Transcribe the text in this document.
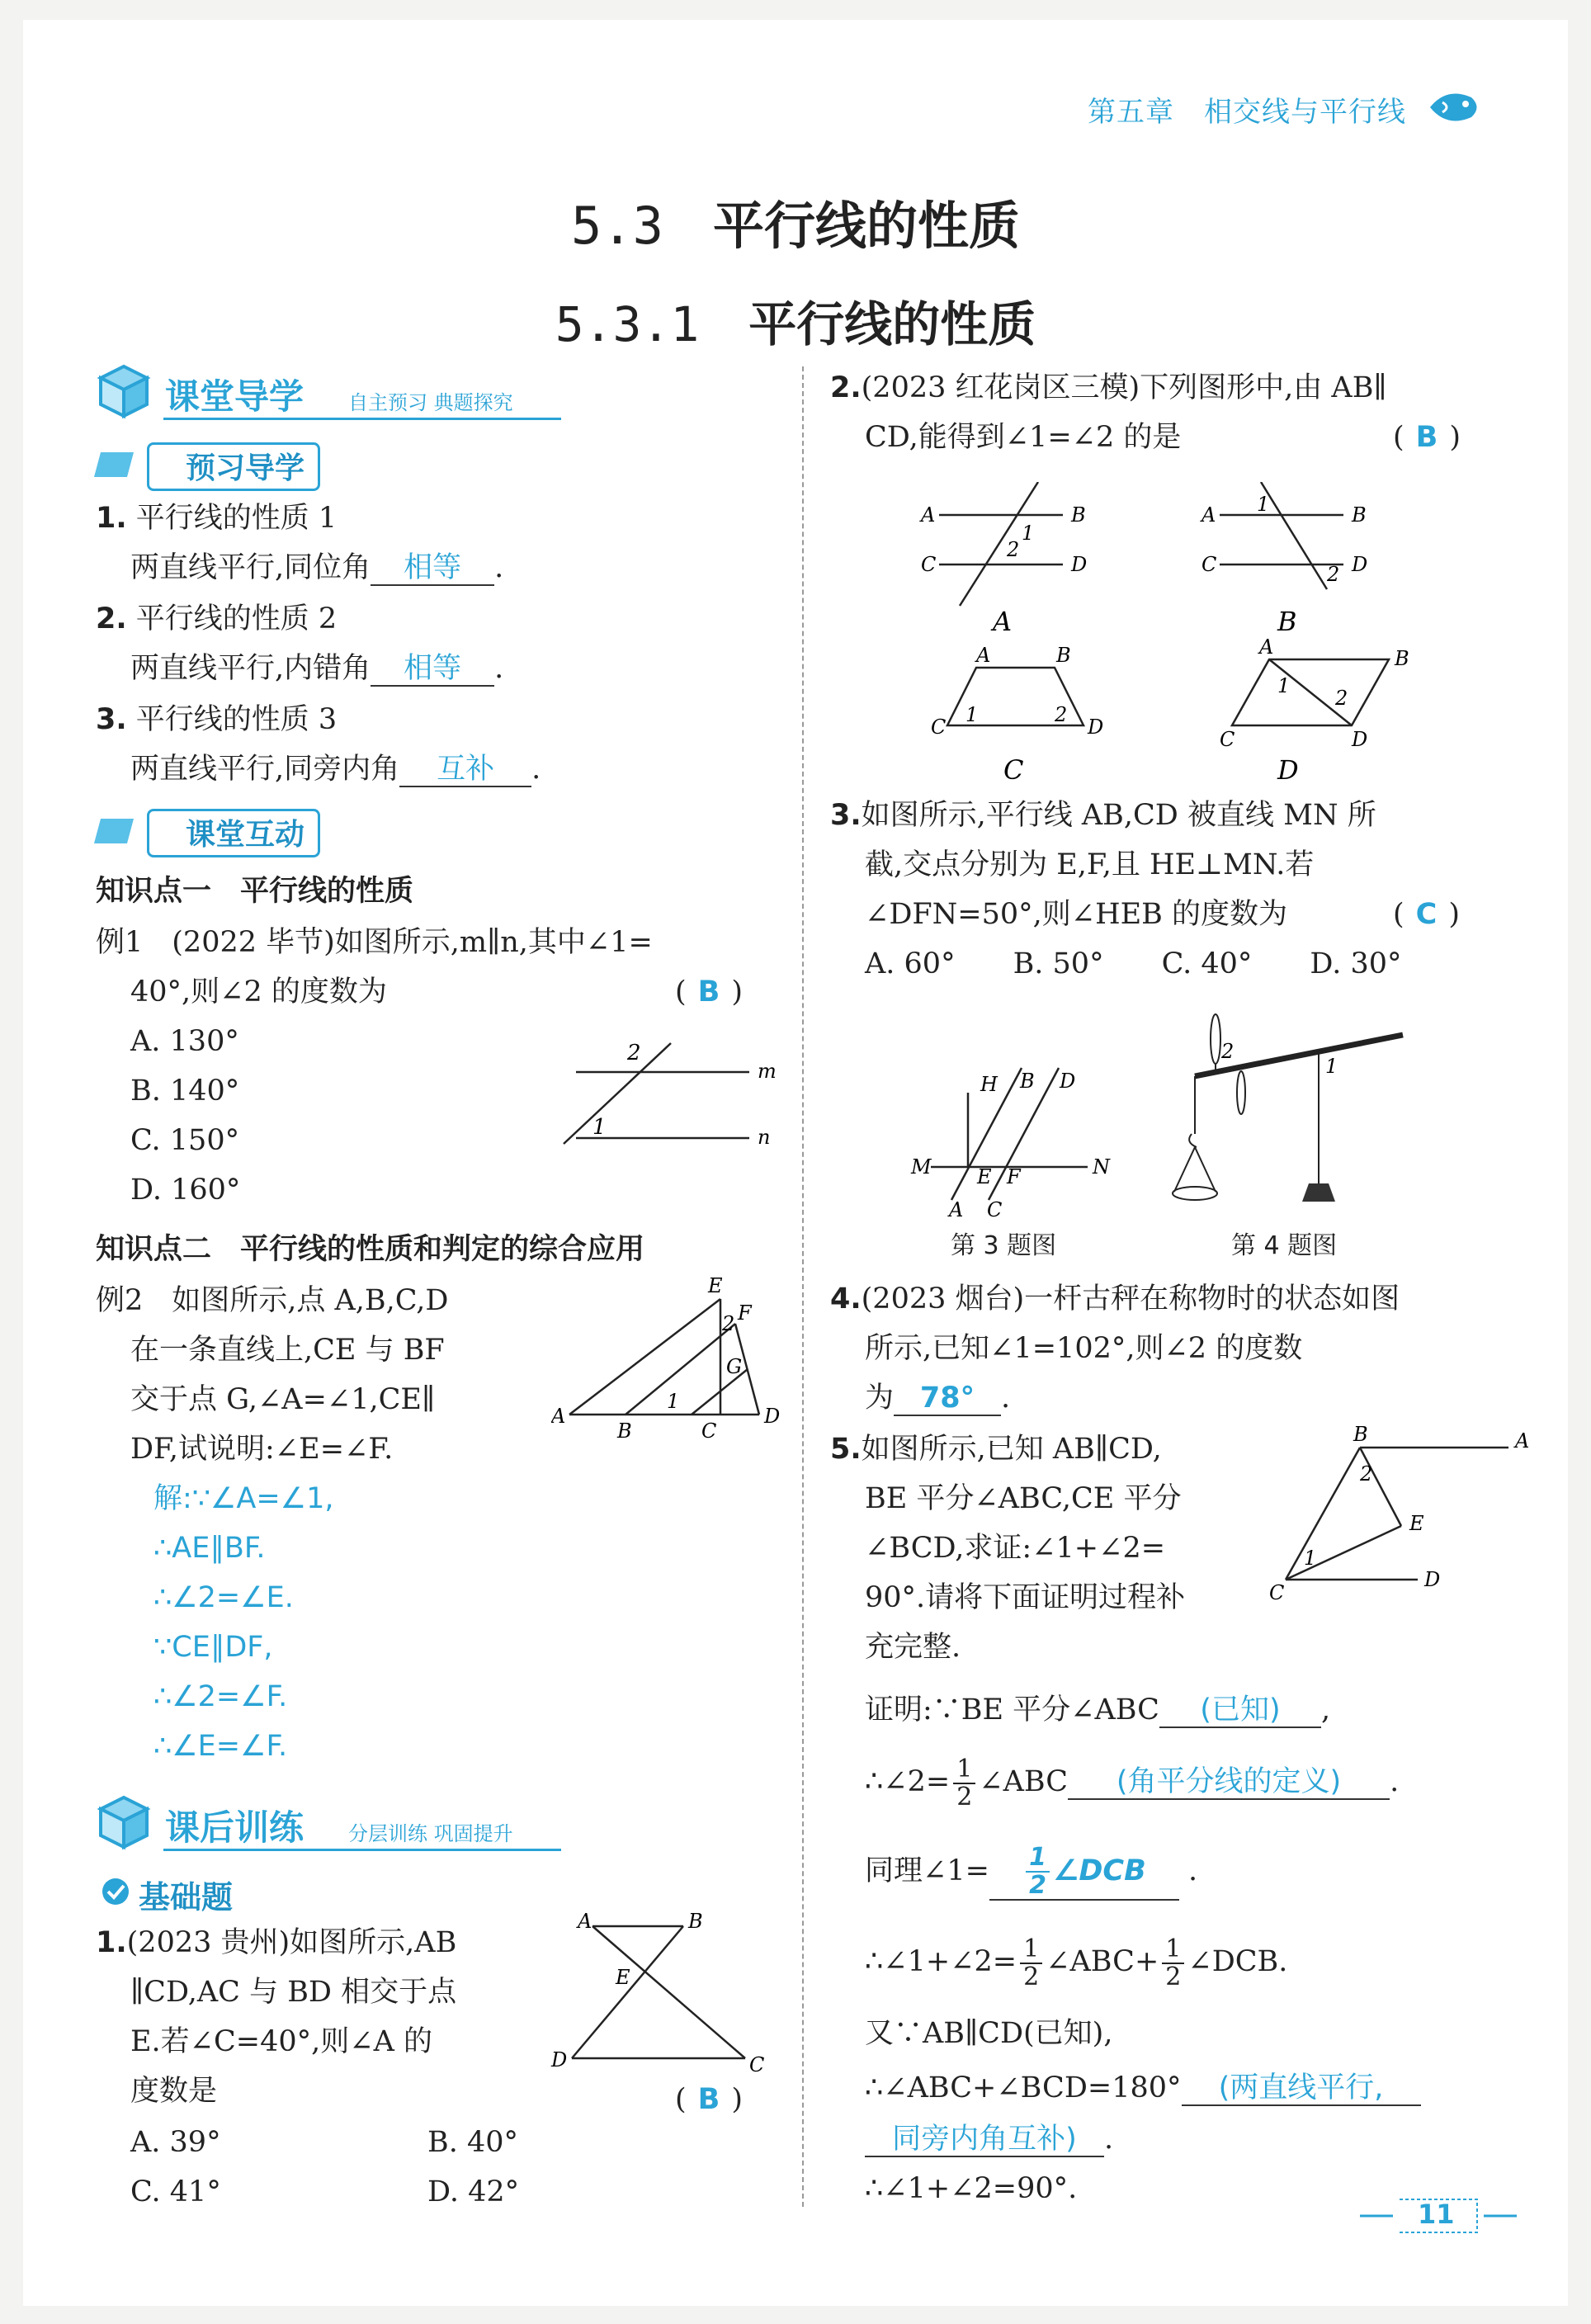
第五章 相交线与平行线
5.3 平行线的性质
5.3.1 平行线的性质
课堂导学 自主预习 典题探究
预习导学
1. 平行线的性质 1
两直线平行,同位角 相等 .
2. 平行线的性质 2
两直线平行,内错角 相等 .
3. 平行线的性质 3
两直线平行,同旁内角 互补 .
课堂互动
知识点一　平行线的性质
例1　(2022 毕节)如图所示,m∥n,其中∠1=
40°,则∠2 的度数为	( B )
A. 130°
B. 140°
C. 150°
D. 160°
m
n
2
1
知识点二　平行线的性质和判定的综合应用
例2　如图所示,点 A,B,C,D
在一条直线上,CE 与 BF
交于点 G,∠A=∠1,CE∥
DF,试说明:∠E=∠F.
A
B	C
D
E
F
G
1
2
解:∵∠A=∠1,
∴AE∥BF.
∴∠2=∠E.
∵CE∥DF,
∴∠2=∠F.
∴∠E=∠F.
课后训练 分层训练 巩固提升
基础题
1.(2023 贵州)如图所示,AB
∥CD,AC 与 BD 相交于点
E.若∠C=40°,则∠A 的
度数是	( B )
A. 39°	B. 40°
C. 41°	D. 42°
A	B
E
D	C
2.(2023 红花岗区三模)下列图形中,由 AB∥
CD,能得到∠1=∠2 的是	( B )
A	B
C	D
1
2
A	B
C	D
1
2
A	B
C	D
1	2
A	B
C	D
1
2
A	B
C	D
3.如图所示,平行线 AB,CD 被直线 MN 所
截,交点分别为 E,F,且 HE⊥MN.若
∠DFN=50°,则∠HEB 的度数为	( C )
A. 60°　　B. 50°　　C. 40°　　D. 30°
H B D
M	N
E F
A C
2
1
第 3 题图	第 4 题图
4.(2023 烟台)一杆古秤在称物时的状态如图
所示,已知∠1=102°,则∠2 的度数
为 78° .
5.如图所示,已知 AB∥CD,
BE 平分∠ABC,CE 平分
∠BCD,求证:∠1+∠2=
90°.请将下面证明过程补
充完整.
B	A
E
C
D
2
1
证明:∵BE 平分∠ABC (已知) ,
∴∠2= $\frac{1}{2}$ ∠ABC (角平分线的定义) .
同理∠1= $\frac{1}{2}$ ∠DCB .
∴∠1+∠2= $\frac{1}{2}$ ∠ABC+ $\frac{1}{2}$ ∠DCB.
又∵AB∥CD(已知),
∴∠ABC+∠BCD=180° (两直线平行,
同旁内角互补) .
∴∠1+∠2=90°.
11
